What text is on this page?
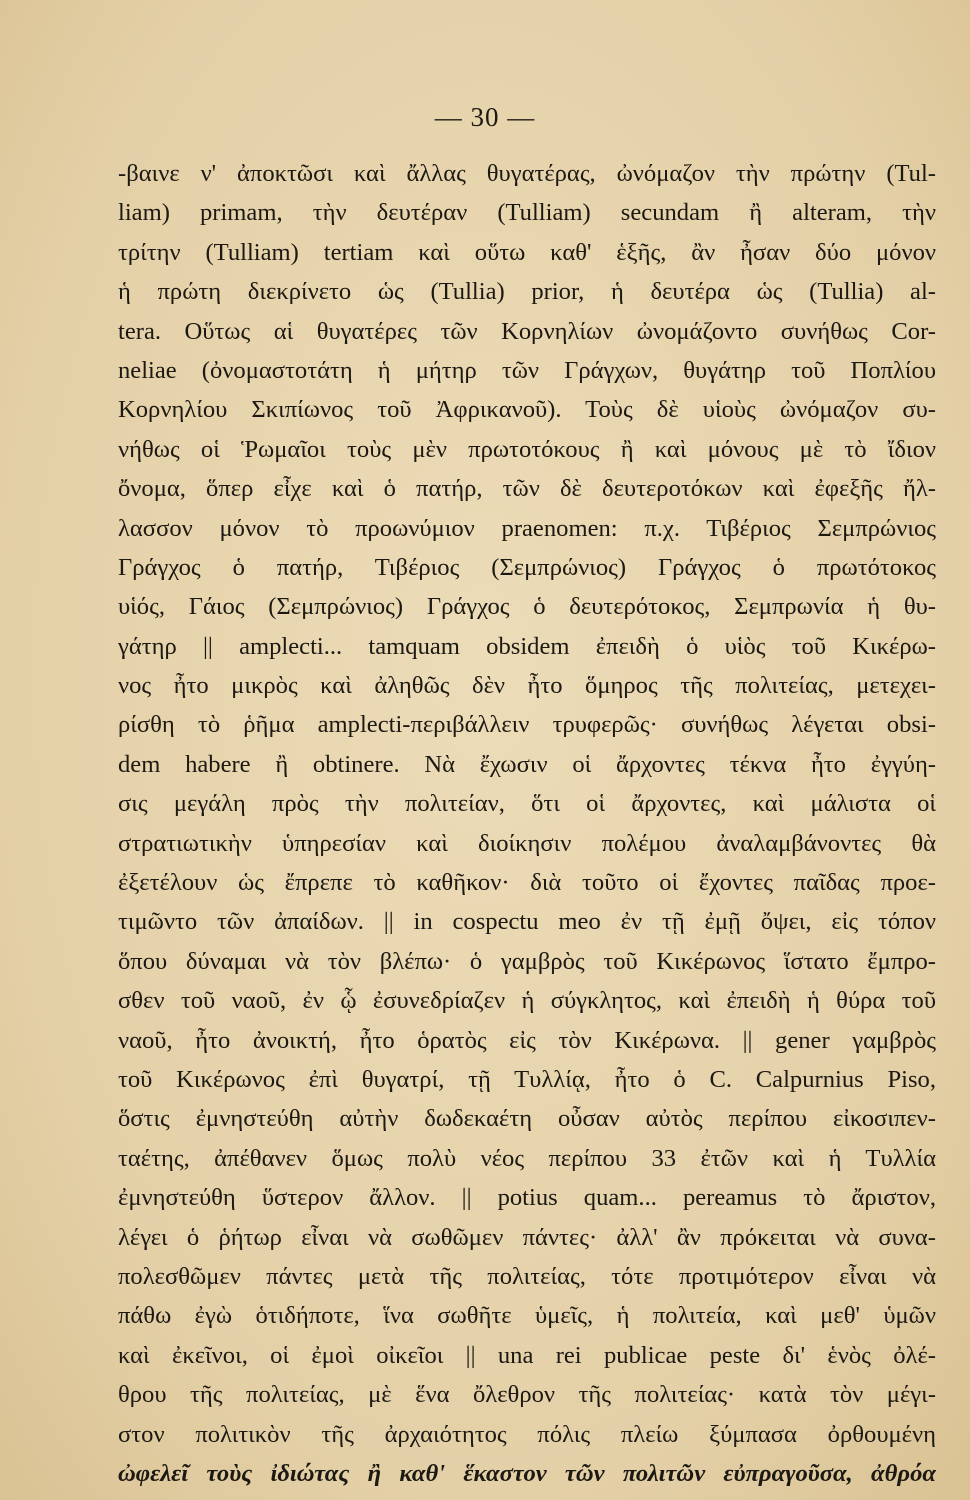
— 30 —
-βαινε ν' ἀποκτῶσι καὶ ἄλλας θυγατέρας, ὠνόμαζον τὴν πρώτην (Tul-
liam) primam, τὴν δευτέραν (Tulliam) secundam ἢ alteram, τὴν
τρίτην (Tulliam) tertiam καὶ οὕτω καθ' ἑξῆς, ἂν ἦσαν δύο μόνον
ἡ πρώτη διεκρίνετο ὡς (Tullia) prior, ἡ δευτέρα ὡς (Tullia) al-
tera. Οὕτως αἱ θυγατέρες τῶν Κορνηλίων ὠνομάζοντο συνήθως Cor-
neliae (ὀνομαστοτάτη ἡ μήτηρ τῶν Γράγχων, θυγάτηρ τοῦ Ποπλίου
Κορνηλίου Σκιπίωνος τοῦ Ἀφρικανοῦ). Τοὺς δὲ υἱοὺς ὠνόμαζον συ-
νήθως οἱ Ῥωμαῖοι τοὺς μὲν πρωτοτόκους ἢ καὶ μόνους μὲ τὸ ἴδιον
ὄνομα, ὅπερ εἶχε καὶ ὁ πατήρ, τῶν δὲ δευτεροτόκων καὶ ἐφεξῆς ἤλ-
λασσον μόνον τὸ προωνύμιον praenomen: π.χ. Τιβέριος Σεμπρώνιος
Γράγχος ὁ πατήρ, Τιβέριος (Σεμπρώνιος) Γράγχος ὁ πρωτότοκος
υἱός, Γάιος (Σεμπρώνιος) Γράγχος ὁ δευτερότοκος, Σεμπρωνία ἡ θυ-
γάτηρ || amplecti... tamquam obsidem ἐπειδὴ ὁ υἱὸς τοῦ Κικέρω-
νος ἦτο μικρὸς καὶ ἀληθῶς δὲν ἦτο ὅμηρος τῆς πολιτείας, μετεχει-
ρίσθη τὸ ῥῆμα amplecti-περιβάλλειν τρυφερῶς· συνήθως λέγεται obsi-
dem habere ἢ obtinere. Νὰ ἔχωσιν οἱ ἄρχοντες τέκνα ἦτο ἐγγύη-
σις μεγάλη πρὸς τὴν πολιτείαν, ὅτι οἱ ἄρχοντες, καὶ μάλιστα οἱ
στρατιωτικὴν ὑπηρεσίαν καὶ διοίκησιν πολέμου ἀναλαμβάνοντες θὰ
ἐξετέλουν ὡς ἔπρεπε τὸ καθῆκον· διὰ τοῦτο οἱ ἔχοντες παῖδας προε-
τιμῶντο τῶν ἀπαίδων. || in cospectu meo ἐν τῇ ἐμῇ ὄψει, εἰς τόπον
ὅπου δύναμαι νὰ τὸν βλέπω· ὁ γαμβρὸς τοῦ Κικέρωνος ἵστατο ἔμπρο-
σθεν τοῦ ναοῦ, ἐν ᾧ ἐσυνεδρίαζεν ἡ σύγκλητος, καὶ ἐπειδὴ ἡ θύρα τοῦ
ναοῦ, ἦτο ἀνοικτή, ἦτο ὁρατὸς εἰς τὸν Κικέρωνα. || gener γαμβρὸς
τοῦ Κικέρωνος ἐπὶ θυγατρί, τῇ Τυλλίᾳ, ἦτο ὁ C. Calpurnius Piso,
ὅστις ἐμνηστεύθη αὐτὴν δωδεκαέτη οὖσαν αὐτὸς περίπου εἰκοσιπεν-
ταέτης, ἀπέθανεν ὅμως πολὺ νέος περίπου 33 ἐτῶν καὶ ἡ Τυλλία
ἐμνηστεύθη ὕστερον ἄλλον. || potius quam... pereamus τὸ ἄριστον,
λέγει ὁ ῥήτωρ εἶναι νὰ σωθῶμεν πάντες· ἀλλ' ἂν πρόκειται νὰ συνα-
πολεσθῶμεν πάντες μετὰ τῆς πολιτείας, τότε προτιμότερον εἶναι νὰ
πάθω ἐγὼ ὁτιδήποτε, ἵνα σωθῆτε ὑμεῖς, ἡ πολιτεία, καὶ μεθ' ὑμῶν
καὶ ἐκεῖνοι, οἱ ἐμοὶ οἰκεῖοι || una rei publicae peste δι' ἑνὸς ὀλέ-
θρου τῆς πολιτείας, μὲ ἕνα ὄλεθρον τῆς πολιτείας· κατὰ τὸν μέγι-
στον πολιτικὸν τῆς ἀρχαιότητος πόλις πλείω ξύμπασα ὀρθουμένη
ὠφελεῖ τοὺς ἰδιώτας ἢ καθ' ἕκαστον τῶν πολιτῶν εὐπραγοῦσα, ἀθρόα
